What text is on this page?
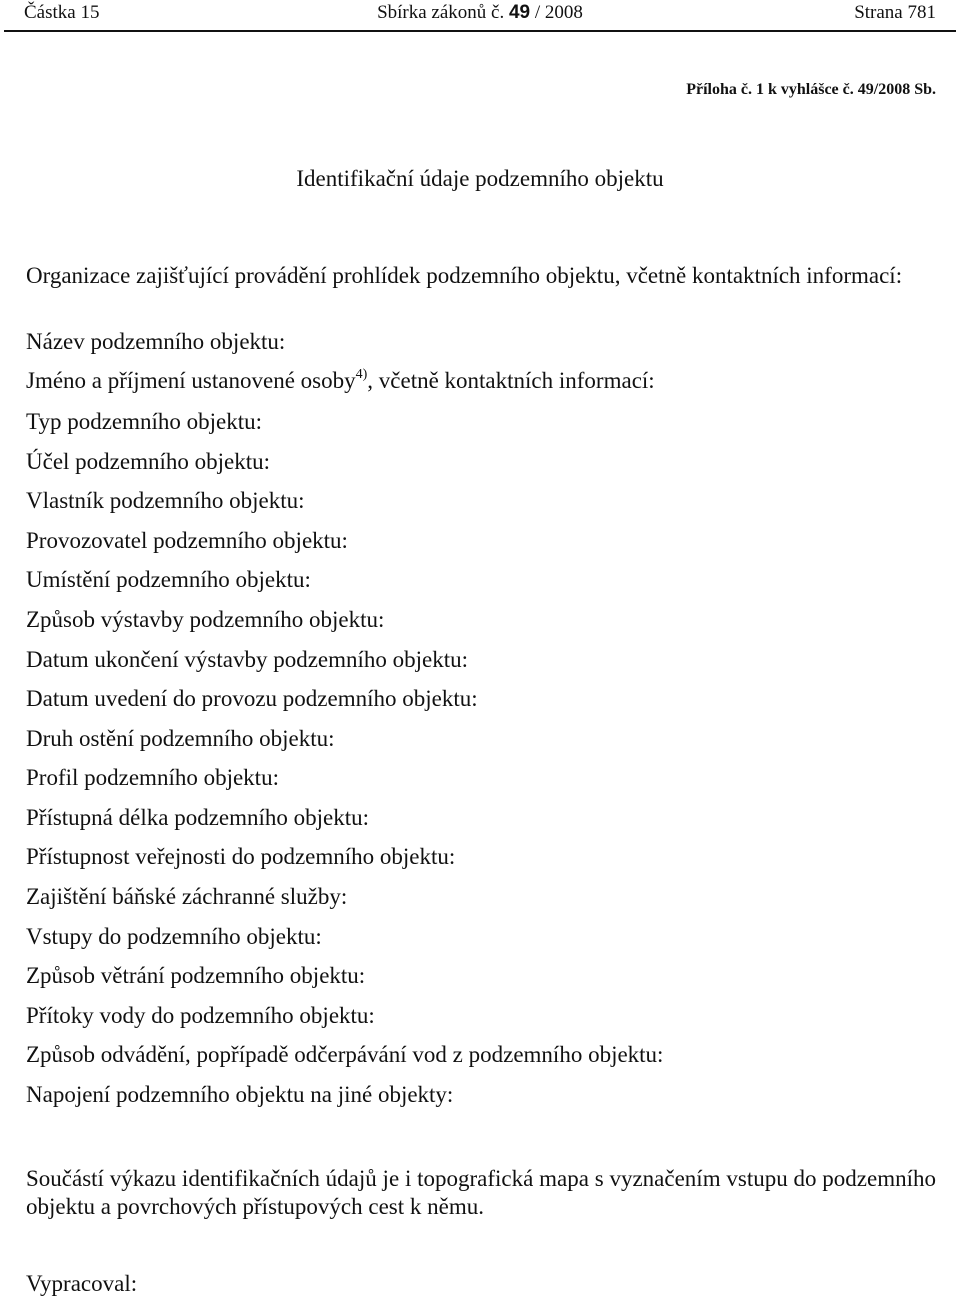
Částka 15	Sbírka zákonů č. 49 / 2008	Strana 781
Příloha č. 1 k vyhlášce č. 49/2008 Sb.
Identifikační údaje podzemního objektu
Organizace zajišťující provádění prohlídek podzemního objektu, včetně kontaktních informací:
Název podzemního objektu:
Jméno a příjmení ustanovené osoby$^{4)}$, včetně kontaktních informací:
Typ podzemního objektu:
Účel podzemního objektu:
Vlastník podzemního objektu:
Provozovatel podzemního objektu:
Umístění podzemního objektu:
Způsob výstavby podzemního objektu:
Datum ukončení výstavby podzemního objektu:
Datum uvedení do provozu podzemního objektu:
Druh ostění podzemního objektu:
Profil podzemního objektu:
Přístupná délka podzemního objektu:
Přístupnost veřejnosti do podzemního objektu:
Zajištění báňské záchranné služby:
Vstupy do podzemního objektu:
Způsob větrání podzemního objektu:
Přítoky vody do podzemního objektu:
Způsob odvádění, popřípadě odčerpávání vod z podzemního objektu:
Napojení podzemního objektu na jiné objekty:
Součástí výkazu identifikačních údajů je i topografická mapa s vyznačením vstupu do podzemního objektu a povrchových přístupových cest k němu.
Vypracoval:
